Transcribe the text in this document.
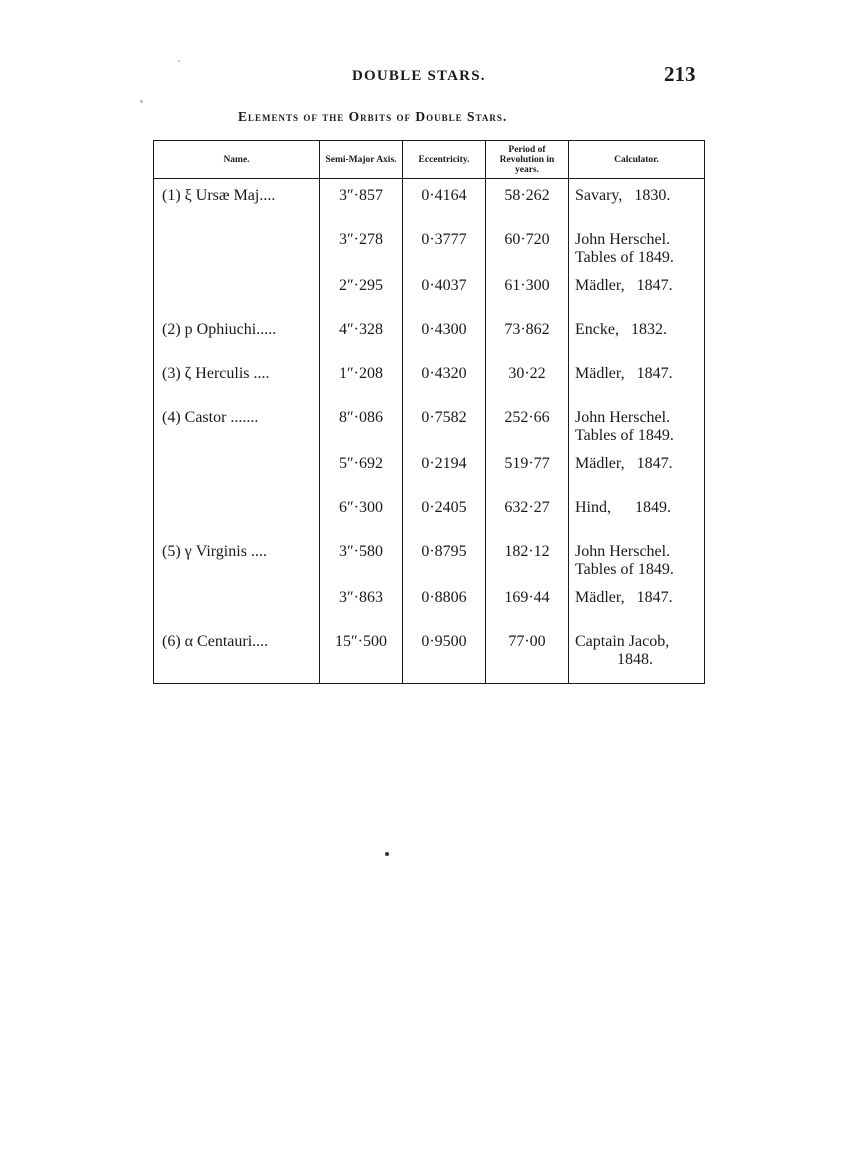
DOUBLE STARS.	213
Elements of the Orbits of Double Stars.
Name.	Semi-Major Axis.	Eccentricity.	Period of Revolution in years.	Calculator.
(1) ξ Ursæ Maj....	3″·857	0·4164	58·262	Savary,   1830.

	3″·278	0·3777	60·720	John Herschel.
Tables of 1849.

	2″·295	0·4037	61·300	Mädler,   1847.

(2) p Ophiuchi.....	4″·328	0·4300	73·862	Encke,   1832.

(3) ζ Herculis ....	1″·208	0·4320	30·22	Mädler,   1847.

(4) Castor .......	8″·086	0·7582	252·66	John Herschel.
Tables of 1849.

	5″·692	0·2194	519·77	Mädler,   1847.

	6″·300	0·2405	632·27	Hind,      1849.

(5) γ Virginis ....	3″·580	0·8795	182·12	John Herschel.
Tables of 1849.

	3″·863	0·8806	169·44	Mädler,   1847.

(6) α Centauri....	15″·500	0·9500	77·00	Captain Jacob,
1848.
